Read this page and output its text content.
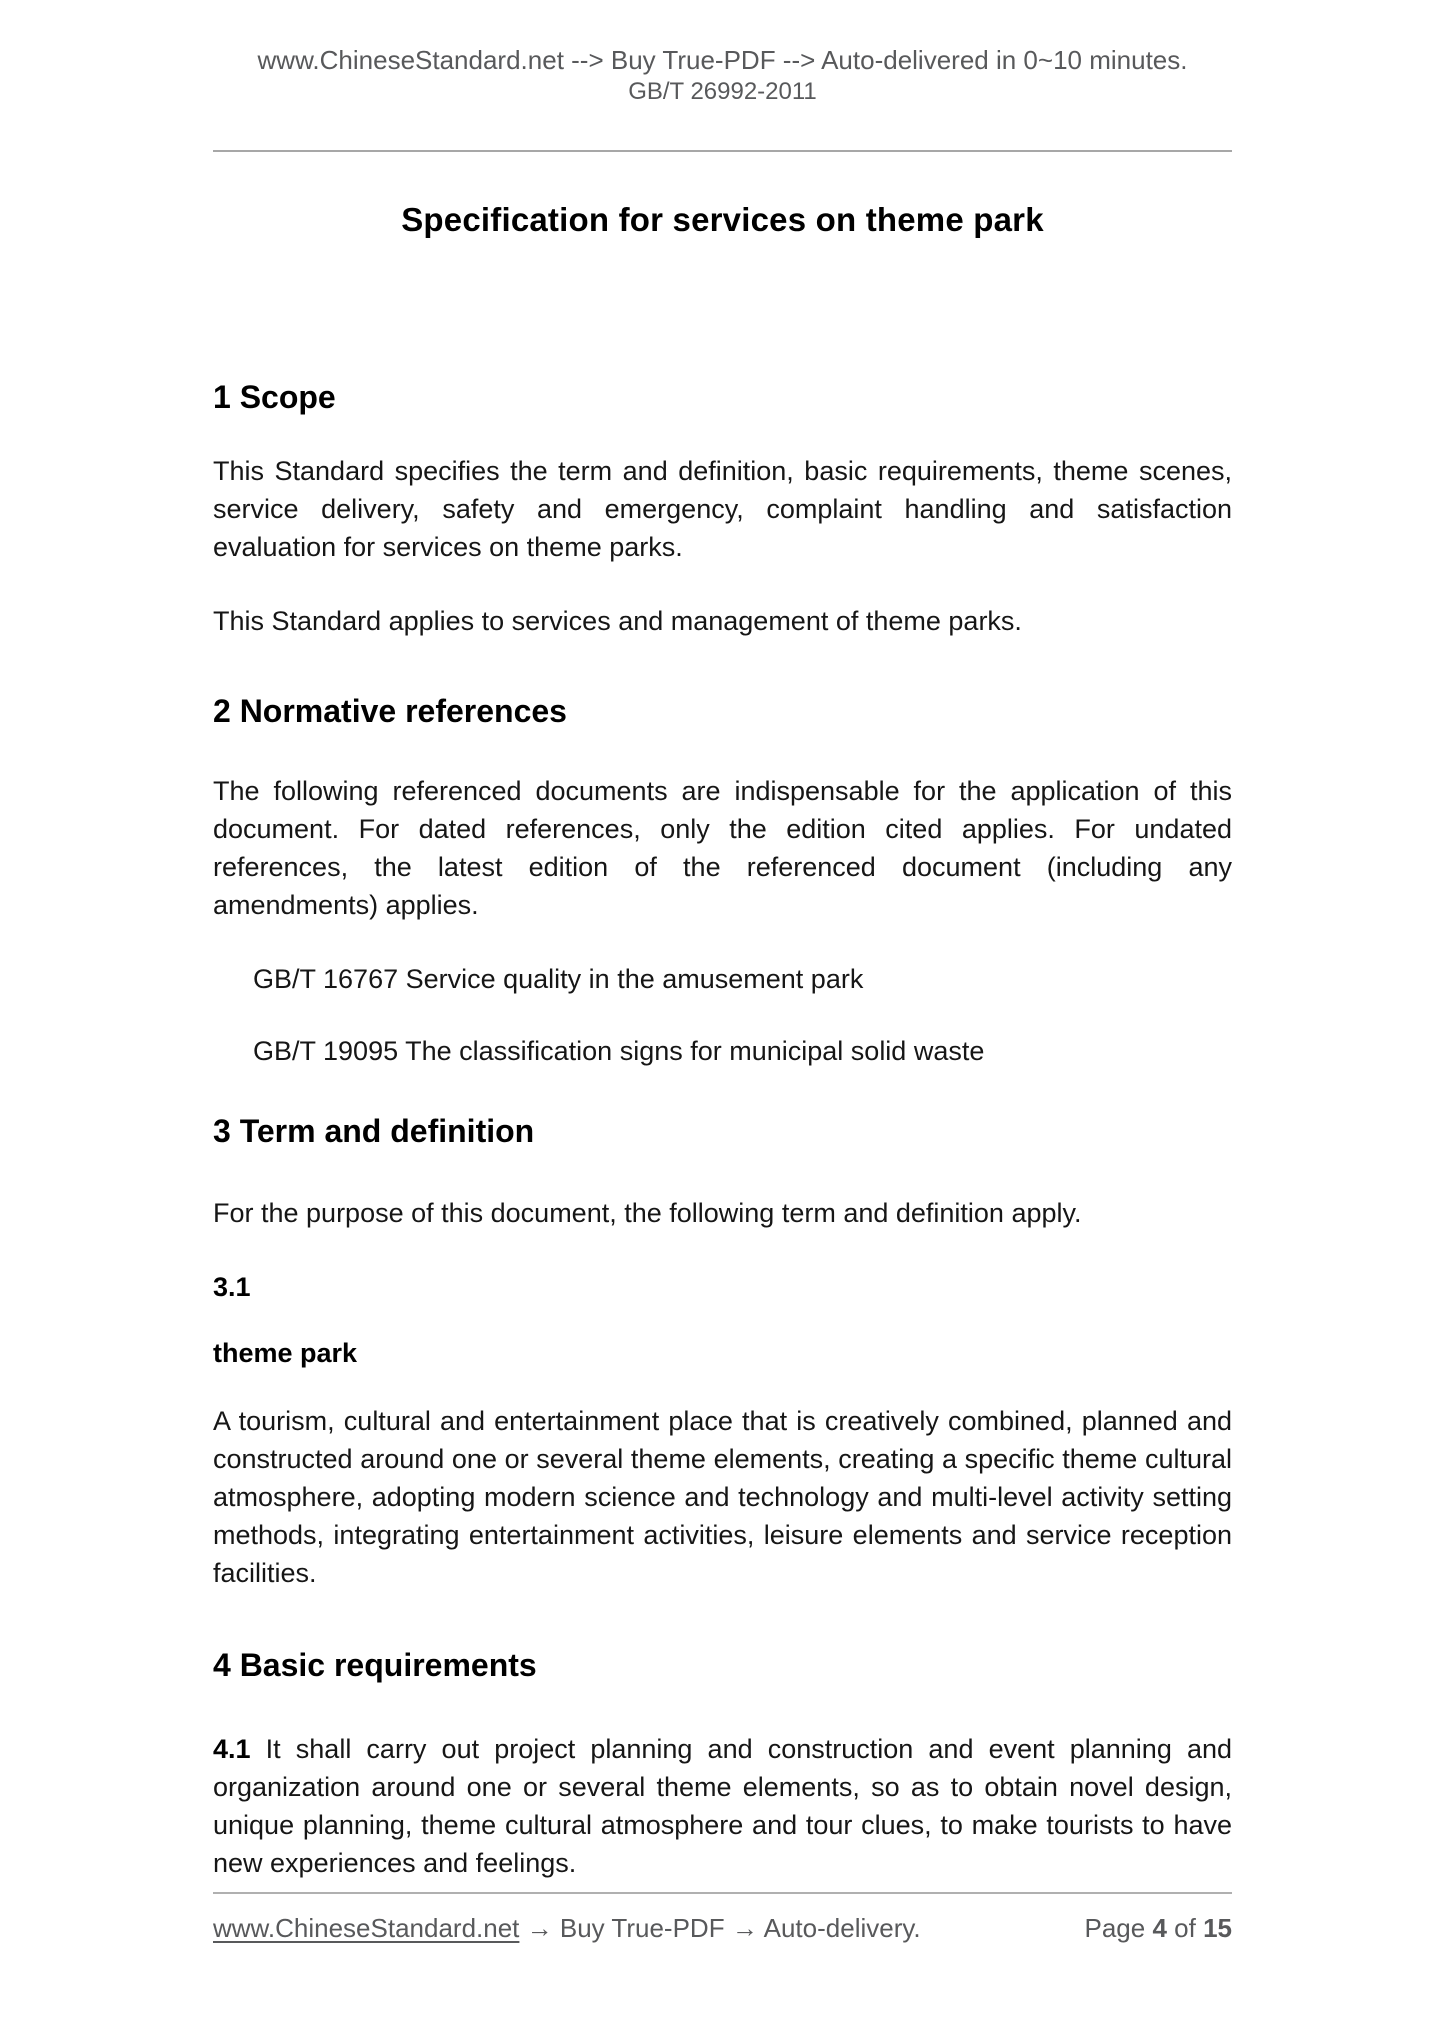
www.ChineseStandard.net --> Buy True-PDF --> Auto-delivered in 0~10 minutes.
GB/T 26992-2011
Specification for services on theme park
1 Scope

This Standard specifies the term and definition, basic requirements, theme scenes, service delivery, safety and emergency, complaint handling and satisfaction evaluation for services on theme parks.

This Standard applies to services and management of theme parks.

2 Normative references

The following referenced documents are indispensable for the application of this document. For dated references, only the edition cited applies. For undated references, the latest edition of the referenced document (including any amendments) applies.

GB/T 16767 Service quality in the amusement park

GB/T 19095 The classification signs for municipal solid waste

3 Term and definition

For the purpose of this document, the following term and definition apply.

3.1

theme park

A tourism, cultural and entertainment place that is creatively combined, planned and constructed around one or several theme elements, creating a specific theme cultural atmosphere, adopting modern science and technology and multi-level activity setting methods, integrating entertainment activities, leisure elements and service reception facilities.

4 Basic requirements

4.1 It shall carry out project planning and construction and event planning and organization around one or several theme elements, so as to obtain novel design, unique planning, theme cultural atmosphere and tour clues, to make tourists to have new experiences and feelings.

www.ChineseStandard.net → Buy True-PDF → Auto-delivery.	Page 4 of 15
